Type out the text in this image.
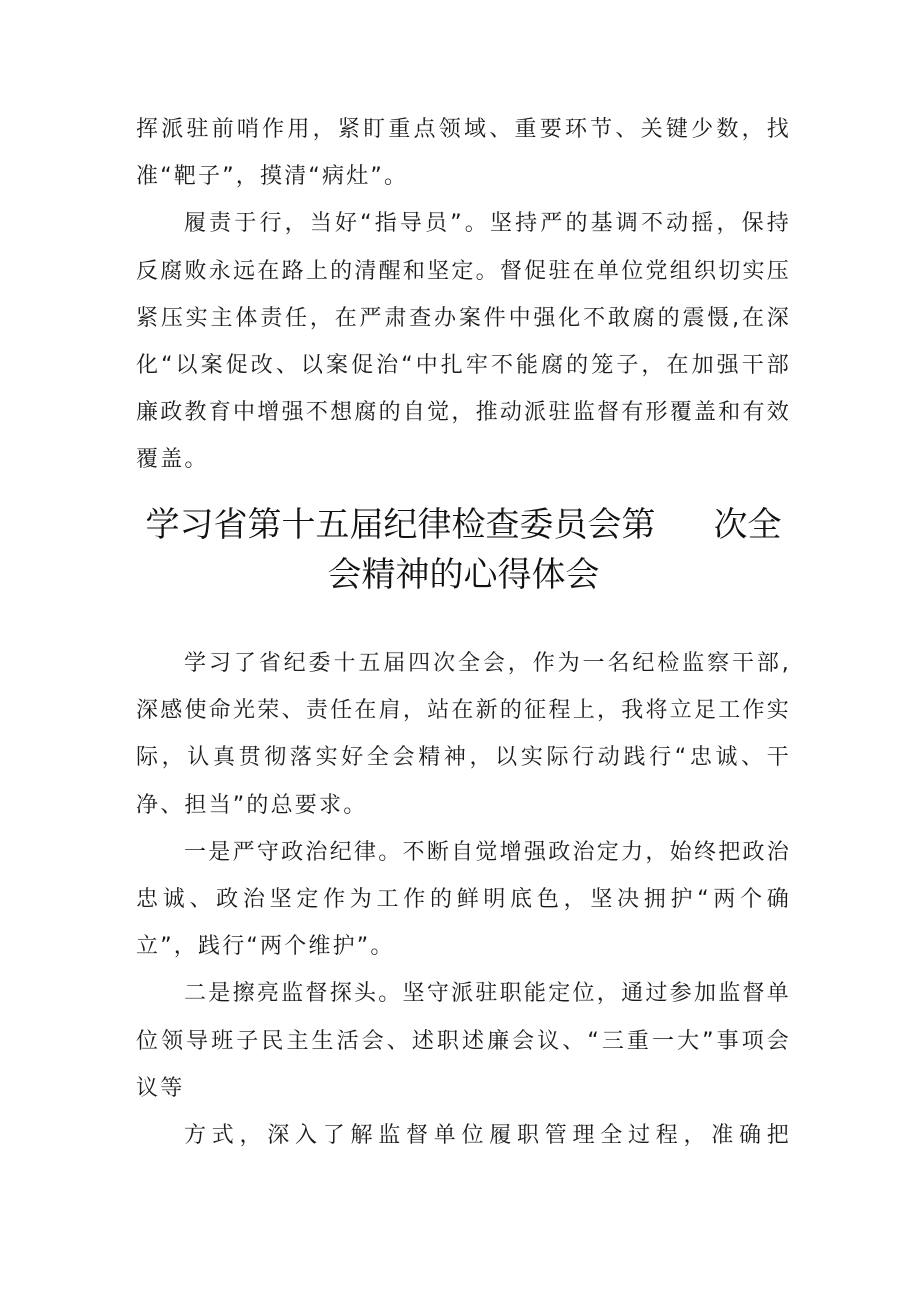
挥派驻前哨作用，紧盯重点领域、重要环节、关键少数，找准“靶子”，摸清“病灶”。

履责于行，当好“指导员”。坚持严的基调不动摇，保持反腐败永远在路上的清醒和坚定。督促驻在单位党组织切实压紧压实主体责任，在严肃查办案件中强化不敢腐的震慑,在深化“以案促改、以案促治“中扎牢不能腐的笼子，在加强干部廉政教育中增强不想腐的自觉，推动派驻监督有形覆盖和有效覆盖。

学习省第十五届纪律检查委员会第 次全
会精神的心得体会

学习了省纪委十五届四次全会，作为一名纪检监察干部,深感使命光荣、责任在肩，站在新的征程上，我将立足工作实际，认真贯彻落实好全会精神，以实际行动践行“忠诚、干净、担当”的总要求。

一是严守政治纪律。不断自觉增强政治定力，始终把政治忠诚、政治坚定作为工作的鲜明底色，坚决拥护“两个确立”，践行“两个维护”。

二是擦亮监督探头。坚守派驻职能定位，通过参加监督单位领导班子民主生活会、述职述廉会议、“三重一大”事项会议等
方式，深入了解监督单位履职管理全过程，准确把
